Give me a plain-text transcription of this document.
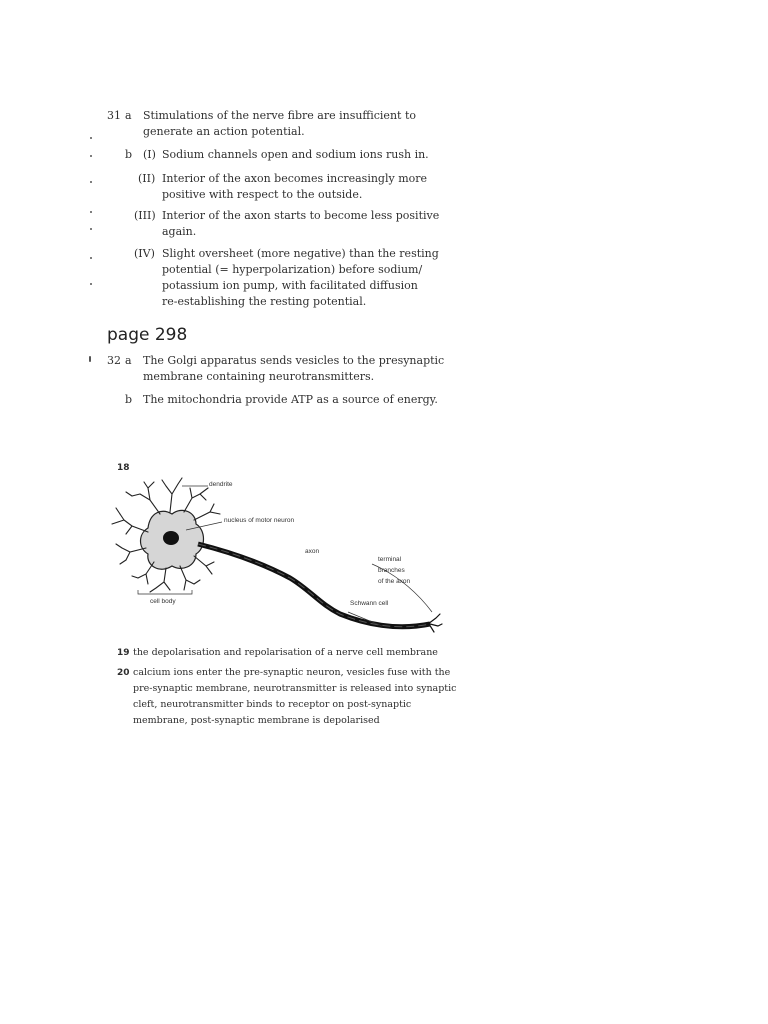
31 a Stimulations of the nerve fibre are insufficient to
generate an action potential.
b (I) Sodium channels open and sodium ions rush in.
(II) Interior of the axon becomes increasingly more
positive with respect to the outside.
(III) Interior of the axon starts to become less positive
again.
(IV) Slight oversheet (more negative) than the resting
potential (= hyperpolarization) before sodium/
potassium ion pump, with facilitated diffusion
re-establishing the resting potential.
page 298
32 a The Golgi apparatus sends vesicles to the presynaptic
membrane containing neurotransmitters.
b The mitochondria provide ATP as a source of energy.
18
dendrite
nucleus of motor neuron
axon
terminal
branches
of the axon
Schwann cell
cell body
19 the depolarisation and repolarisation of a nerve cell membrane
20 calcium ions enter the pre-synaptic neuron, vesicles fuse with the
pre-synaptic membrane, neurotransmitter is released into synaptic
cleft, neurotransmitter binds to receptor on post-synaptic
membrane, post-synaptic membrane is depolarised
